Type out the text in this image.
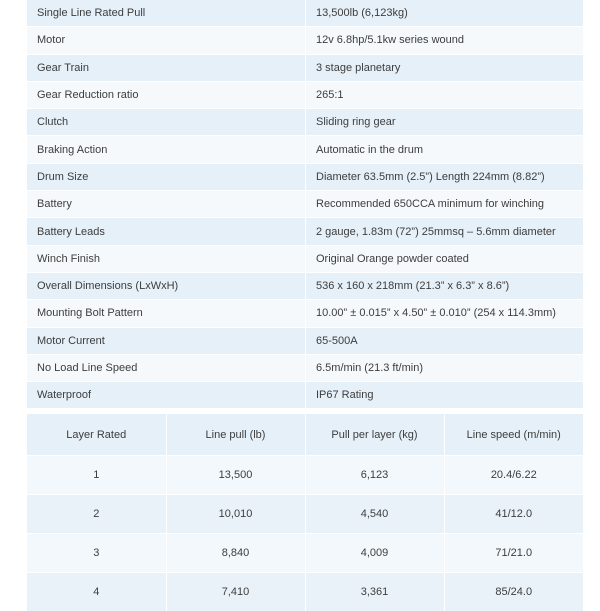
Single Line Rated Pull	13,500lb (6,123kg)
Motor	12v 6.8hp/5.1kw series wound
Gear Train	3 stage planetary
Gear Reduction ratio	265:1
Clutch	Sliding ring gear
Braking Action	Automatic in the drum
Drum Size	Diameter 63.5mm (2.5”) Length 224mm (8.82”)
Battery	Recommended 650CCA minimum for winching
Battery Leads	2 gauge, 1.83m (72”) 25mmsq – 5.6mm diameter
Winch Finish	Original Orange powder coated
Overall Dimensions (LxWxH)	536 x 160 x 218mm (21.3” x 6.3” x 8.6”)
Mounting Bolt Pattern	10.00” ± 0.015” x 4.50” ± 0.010” (254 x 114.3mm)
Motor Current	65-500A
No Load Line Speed	6.5m/min (21.3 ft/min)
Waterproof	IP67 Rating
Layer Rated	Line pull (lb)	Pull per layer (kg)	Line speed (m/min)
1	13,500	6,123	20.4/6.22
2	10,010	4,540	41/12.0
3	8,840	4,009	71/21.0
4	7,410	3,361	85/24.0
